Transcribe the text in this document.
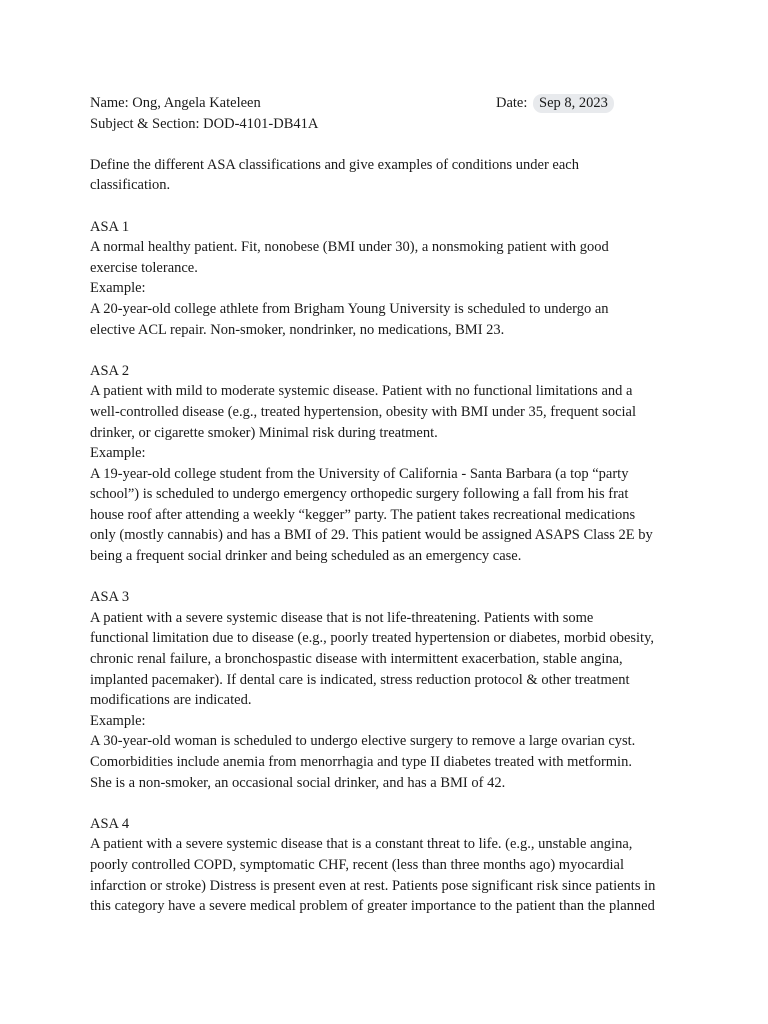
Name: Ong, Angela Kateleen	Date: Sep 8, 2023
Subject & Section: DOD-4101-DB41A
Define the different ASA classifications and give examples of conditions under each
classification.
ASA 1
A normal healthy patient. Fit, nonobese (BMI under 30), a nonsmoking patient with good
exercise tolerance.
Example:
A 20-year-old college athlete from Brigham Young University is scheduled to undergo an
elective ACL repair. Non-smoker, nondrinker, no medications, BMI 23.
ASA 2
A patient with mild to moderate systemic disease. Patient with no functional limitations and a
well-controlled disease (e.g., treated hypertension, obesity with BMI under 35, frequent social
drinker, or cigarette smoker) Minimal risk during treatment.
Example:
A 19-year-old college student from the University of California - Santa Barbara (a top “party
school”) is scheduled to undergo emergency orthopedic surgery following a fall from his frat
house roof after attending a weekly “kegger” party. The patient takes recreational medications
only (mostly cannabis) and has a BMI of 29. This patient would be assigned ASAPS Class 2E by
being a frequent social drinker and being scheduled as an emergency case.
ASA 3
A patient with a severe systemic disease that is not life-threatening. Patients with some
functional limitation due to disease (e.g., poorly treated hypertension or diabetes, morbid obesity,
chronic renal failure, a bronchospastic disease with intermittent exacerbation, stable angina,
implanted pacemaker). If dental care is indicated, stress reduction protocol & other treatment
modifications are indicated.
Example:
A 30-year-old woman is scheduled to undergo elective surgery to remove a large ovarian cyst.
Comorbidities include anemia from menorrhagia and type II diabetes treated with metformin.
She is a non-smoker, an occasional social drinker, and has a BMI of 42.
ASA 4
A patient with a severe systemic disease that is a constant threat to life. (e.g., unstable angina,
poorly controlled COPD, symptomatic CHF, recent (less than three months ago) myocardial
infarction or stroke) Distress is present even at rest. Patients pose significant risk since patients in
this category have a severe medical problem of greater importance to the patient than the planned
